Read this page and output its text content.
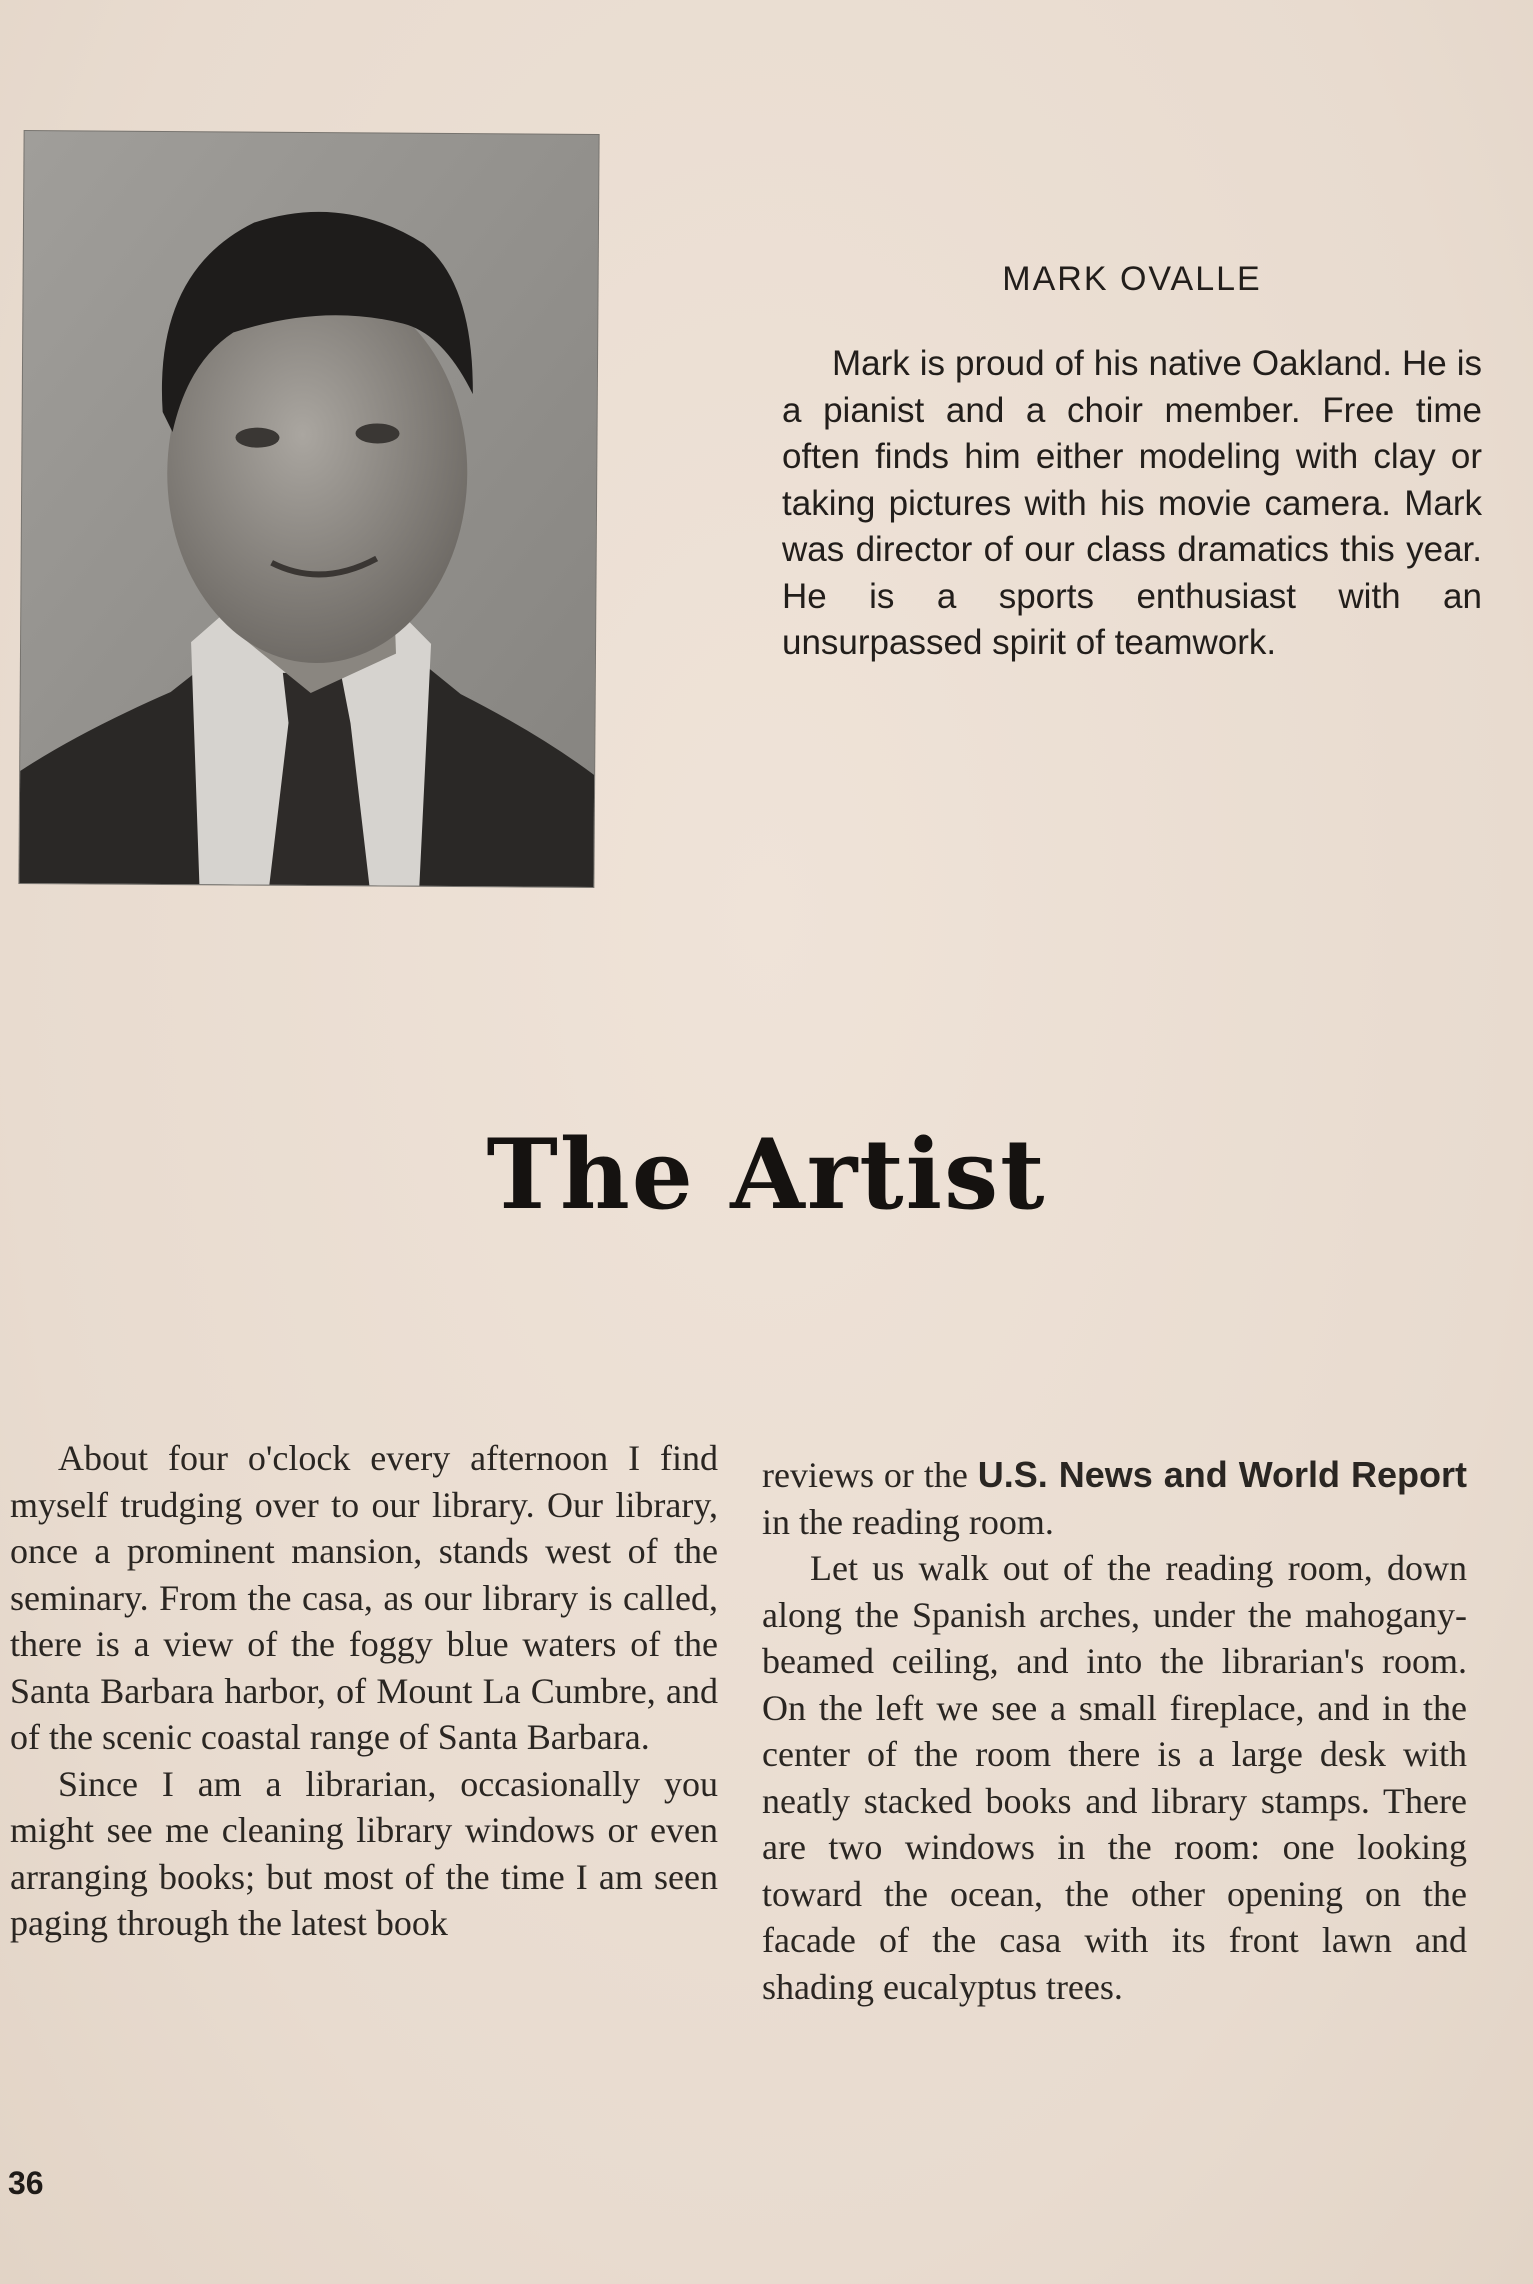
MARK OVALLE

Mark is proud of his native Oakland. He is a pianist and a choir member. Free time often finds him either modeling with clay or taking pictures with his movie camera. Mark was director of our class dramatics this year. He is a sports enthusiast with an unsurpassed spirit of teamwork.

The Artist

About four o'clock every afternoon I find myself trudging over to our library. Our library, once a prominent mansion, stands west of the seminary. From the casa, as our library is called, there is a view of the foggy blue waters of the Santa Barbara harbor, of Mount La Cumbre, and of the scenic coastal range of Santa Barbara.

Since I am a librarian, occasionally you might see me cleaning library windows or even arranging books; but most of the time I am seen paging through the latest book

reviews or the U.S. News and World Report in the reading room.

Let us walk out of the reading room, down along the Spanish arches, under the mahogany-beamed ceiling, and into the librarian's room. On the left we see a small fireplace, and in the center of the room there is a large desk with neatly stacked books and library stamps. There are two windows in the room: one looking toward the ocean, the other opening on the facade of the casa with its front lawn and shading eucalyptus trees.

36
